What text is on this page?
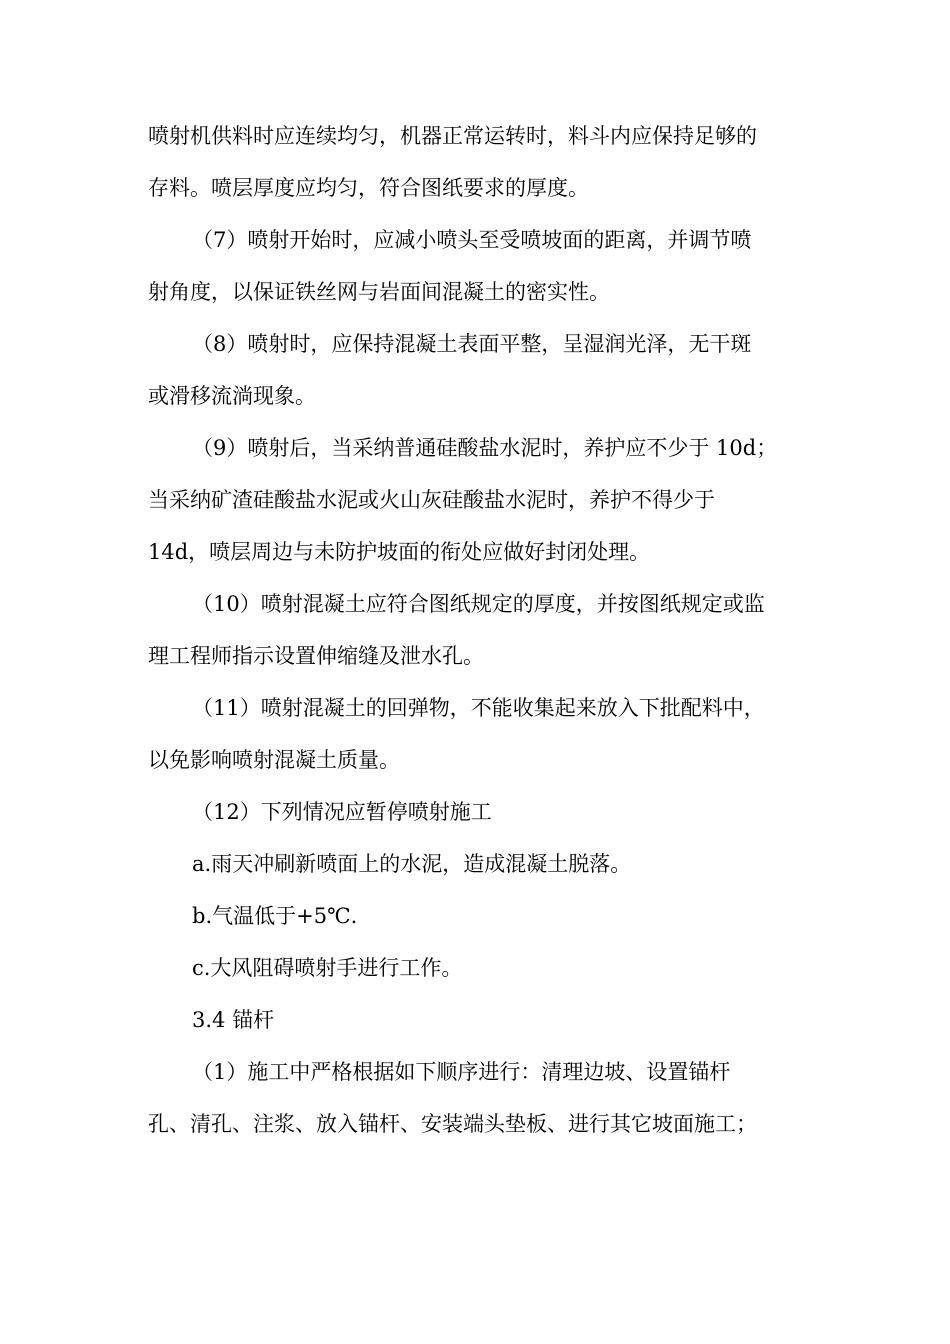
喷射机供料时应连续均匀，机器正常运转时，料斗内应保持足够的
存料。喷层厚度应均匀，符合图纸要求的厚度。
（7）喷射开始时，应减小喷头至受喷坡面的距离，并调节喷
射角度，以保证铁丝网与岩面间混凝土的密实性。
（8）喷射时，应保持混凝土表面平整，呈湿润光泽，无干斑
或滑移流淌现象。
（9）喷射后，当采纳普通硅酸盐水泥时，养护应不少于 10d；
当采纳矿渣硅酸盐水泥或火山灰硅酸盐水泥时，养护不得少于
14d，喷层周边与未防护坡面的衔处应做好封闭处理。
（10）喷射混凝土应符合图纸规定的厚度，并按图纸规定或监
理工程师指示设置伸缩缝及泄水孔。
（11）喷射混凝土的回弹物，不能收集起来放入下批配料中，
以免影响喷射混凝土质量。
（12）下列情况应暂停喷射施工
a.雨天冲刷新喷面上的水泥，造成混凝土脱落。
b.气温低于+5℃.
c.大风阻碍喷射手进行工作。
3.4 锚杆
（1）施工中严格根据如下顺序进行：清理边坡、设置锚杆
孔、清孔、注浆、放入锚杆、安装端头垫板、进行其它坡面施工；
